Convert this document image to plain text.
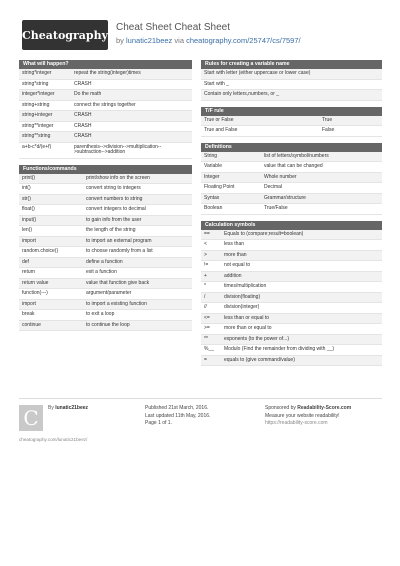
Cheatography
Cheat Sheet Cheat Sheet
by lunatic21beez via cheatography.com/25747/cs/7597/
What will happen?
string*integer	repeat the string(integer)times
string*string	CRASH
integer*integer	Do the math
string+string	connect the strings together
string+integer	CRASH
string**integer	CRASH
string**string	CRASH
a+b-c*d/(e+f)	parenthesis-->division-->multiplication-->subtraction-->addition
Functions/commands
print()	print/show info on the screen
int()	convert string to integers
str()	convert numbers to string
float()	convert integers to decimal
input()	to gain info from the user
len()	the length of the string
import	to import an external program
random.choice()	to choose randomly from a list
def	define a function
return	exit a function
return value	value that function give back
function(---)	argument/parameter
import	to import a existing function
break	to exit a loop
continue	to continue the loop
Rules for creating a variable name
Start with letter (either uppercase or lower case)
Start with _
Contain only letters,numbers, or _
T/F rule
True or False	True
True and False	False
Definitions
String	list of letters/symbol/numbers
Variable	value that can be changed
Integer	Whole number
Floating Point	Decimal
Syntax	Grammar/structure
Boolean	True/False
Calculation symbols
==	Equals to (compare;result=boolean)
<	less than
>	more than
!=	not equal to
+	addition
*	times/multiplication
/	division(floating)
//	division(integer)
<=	less than or equal to
>=	more than or equal to
**	exponents (to the power of...)
%__	Modulo (Find the remainder from dividing with __)
=	equals to (give command/value)
C	By lunatic21beez	Published 21st March, 2016.
Last updated 11th May, 2016.
Page 1 of 1.
Sponsored by Readability-Score.com
Measure your website readability!
https://readability-score.com
cheatography.com/lunatic21beez/
